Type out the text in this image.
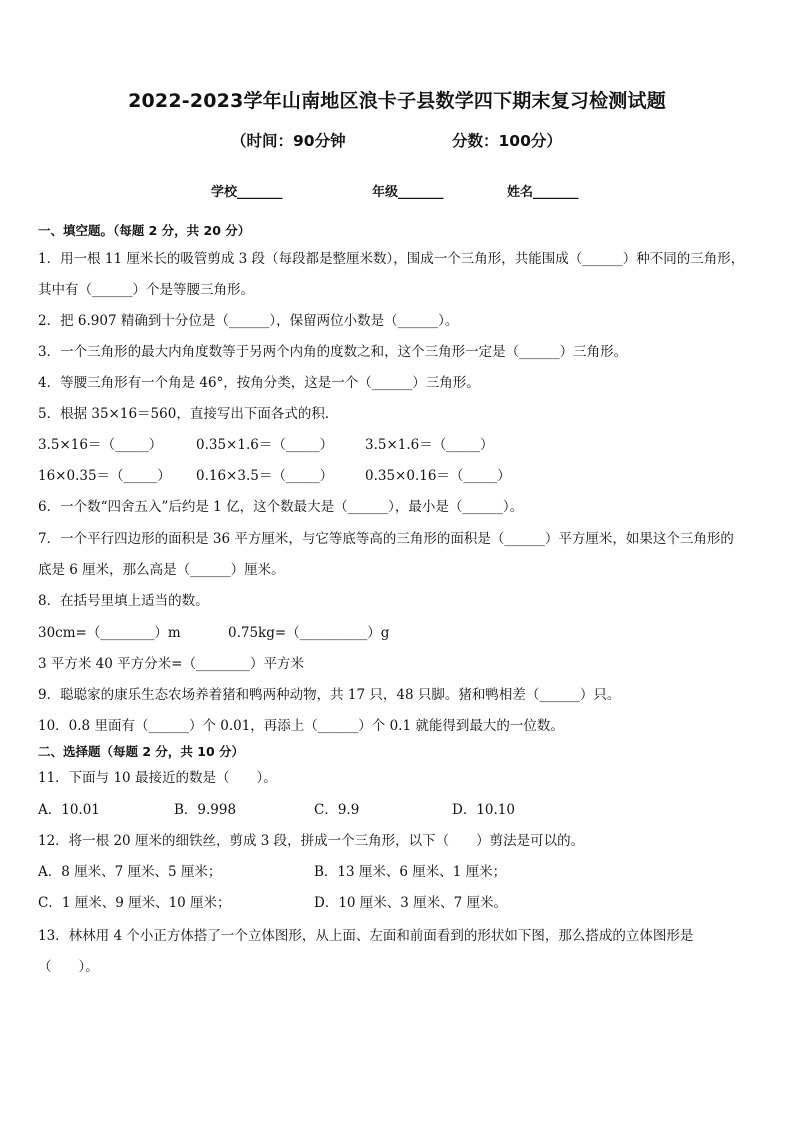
2022-2023学年山南地区浪卡子县数学四下期末复习检测试题
（时间：90分钟	分数：100分）
学校_______	年级_______	姓名_______
一、填空题。（每题 2 分，共 20 分）
1．用一根 11 厘米长的吸管剪成 3 段（每段都是整厘米数），围成一个三角形，共能围成（______）种不同的三角形，
其中有（______）个是等腰三角形。
2．把 6.907 精确到十分位是（______），保留两位小数是（______）。
3．一个三角形的最大内角度数等于另两个内角的度数之和，这个三角形一定是（______）三角形。
4．等腰三角形有一个角是 46°，按角分类，这是一个（______）三角形。
5．根据 35×16＝560，直接写出下面各式的积．
3.5×16＝（_____）	0.35×1.6＝（_____） 3.5×1.6＝（_____）
16×0.35＝（_____） 0.16×3.5＝（_____） 0.35×0.16＝（_____）
6．一个数“四舍五入”后约是 1 亿，这个数最大是（______），最小是（______）。
7．一个平行四边形的面积是 36 平方厘米，与它等底等高的三角形的面积是（______）平方厘米，如果这个三角形的
底是 6 厘米，那么高是（______）厘米。
8．在括号里填上适当的数。
30cm=（________）m	0.75kg=（__________）g
3 平方米 40 平方分米=（________）平方米
9．聪聪家的康乐生态农场养着猪和鸭两种动物，共 17 只，48 只脚。猪和鸭相差（______）只。
10．0.8 里面有（______）个 0.01，再添上（______）个 0.1 就能得到最大的一位数。
二、选择题（每题 2 分，共 10 分）
11．下面与 10 最接近的数是（　　）。
A．10.01	B．9.998	C．9.9	D．10.10
12．将一根 20 厘米的细铁丝，剪成 3 段，拼成一个三角形，以下（　　）剪法是可以的。
A．8 厘米、7 厘米、5 厘米；	B．13 厘米、6 厘米、1 厘米；
C．1 厘米、9 厘米、10 厘米；	D．10 厘米、3 厘米、7 厘米。
13．林林用 4 个小正方体搭了一个立体图形，从上面、左面和前面看到的形状如下图，那么搭成的立体图形是
（　　）。
